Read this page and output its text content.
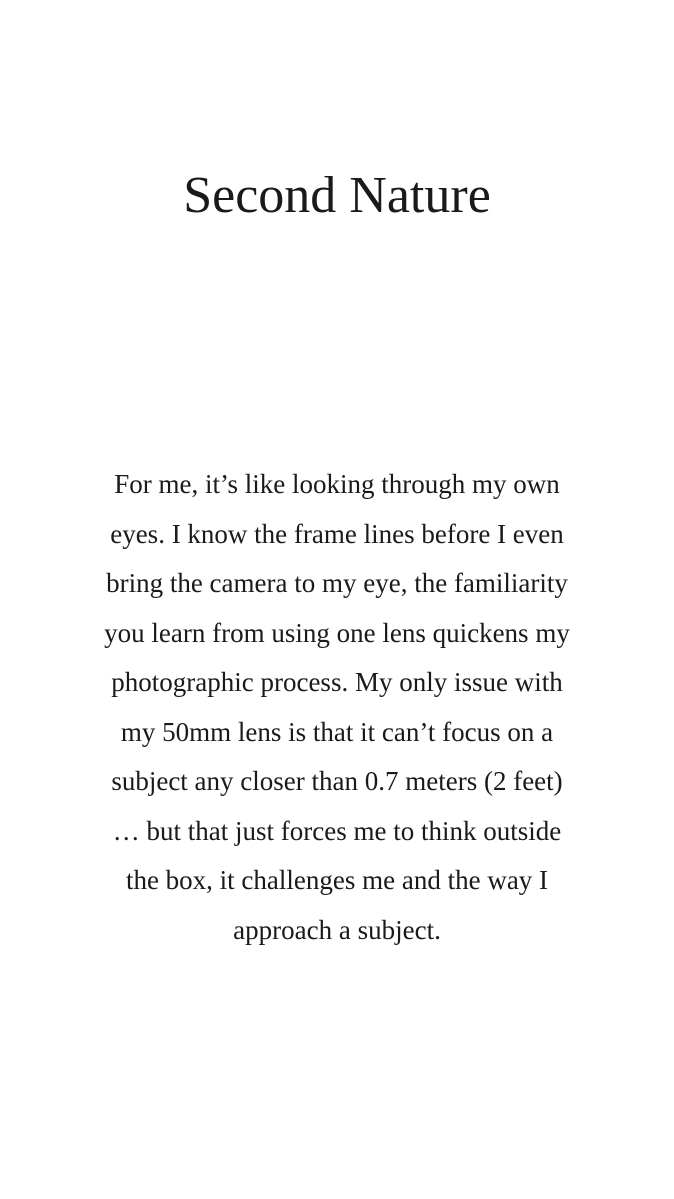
Second Nature
For me, it’s like looking through my own
eyes. I know the frame lines before I even
bring the camera to my eye, the familiarity
you learn from using one lens quickens my
photographic process. My only issue with
my 50mm lens is that it can’t focus on a
subject any closer than 0.7 meters (2 feet)
… but that just forces me to think outside
the box, it challenges me and the way I
approach a subject.
